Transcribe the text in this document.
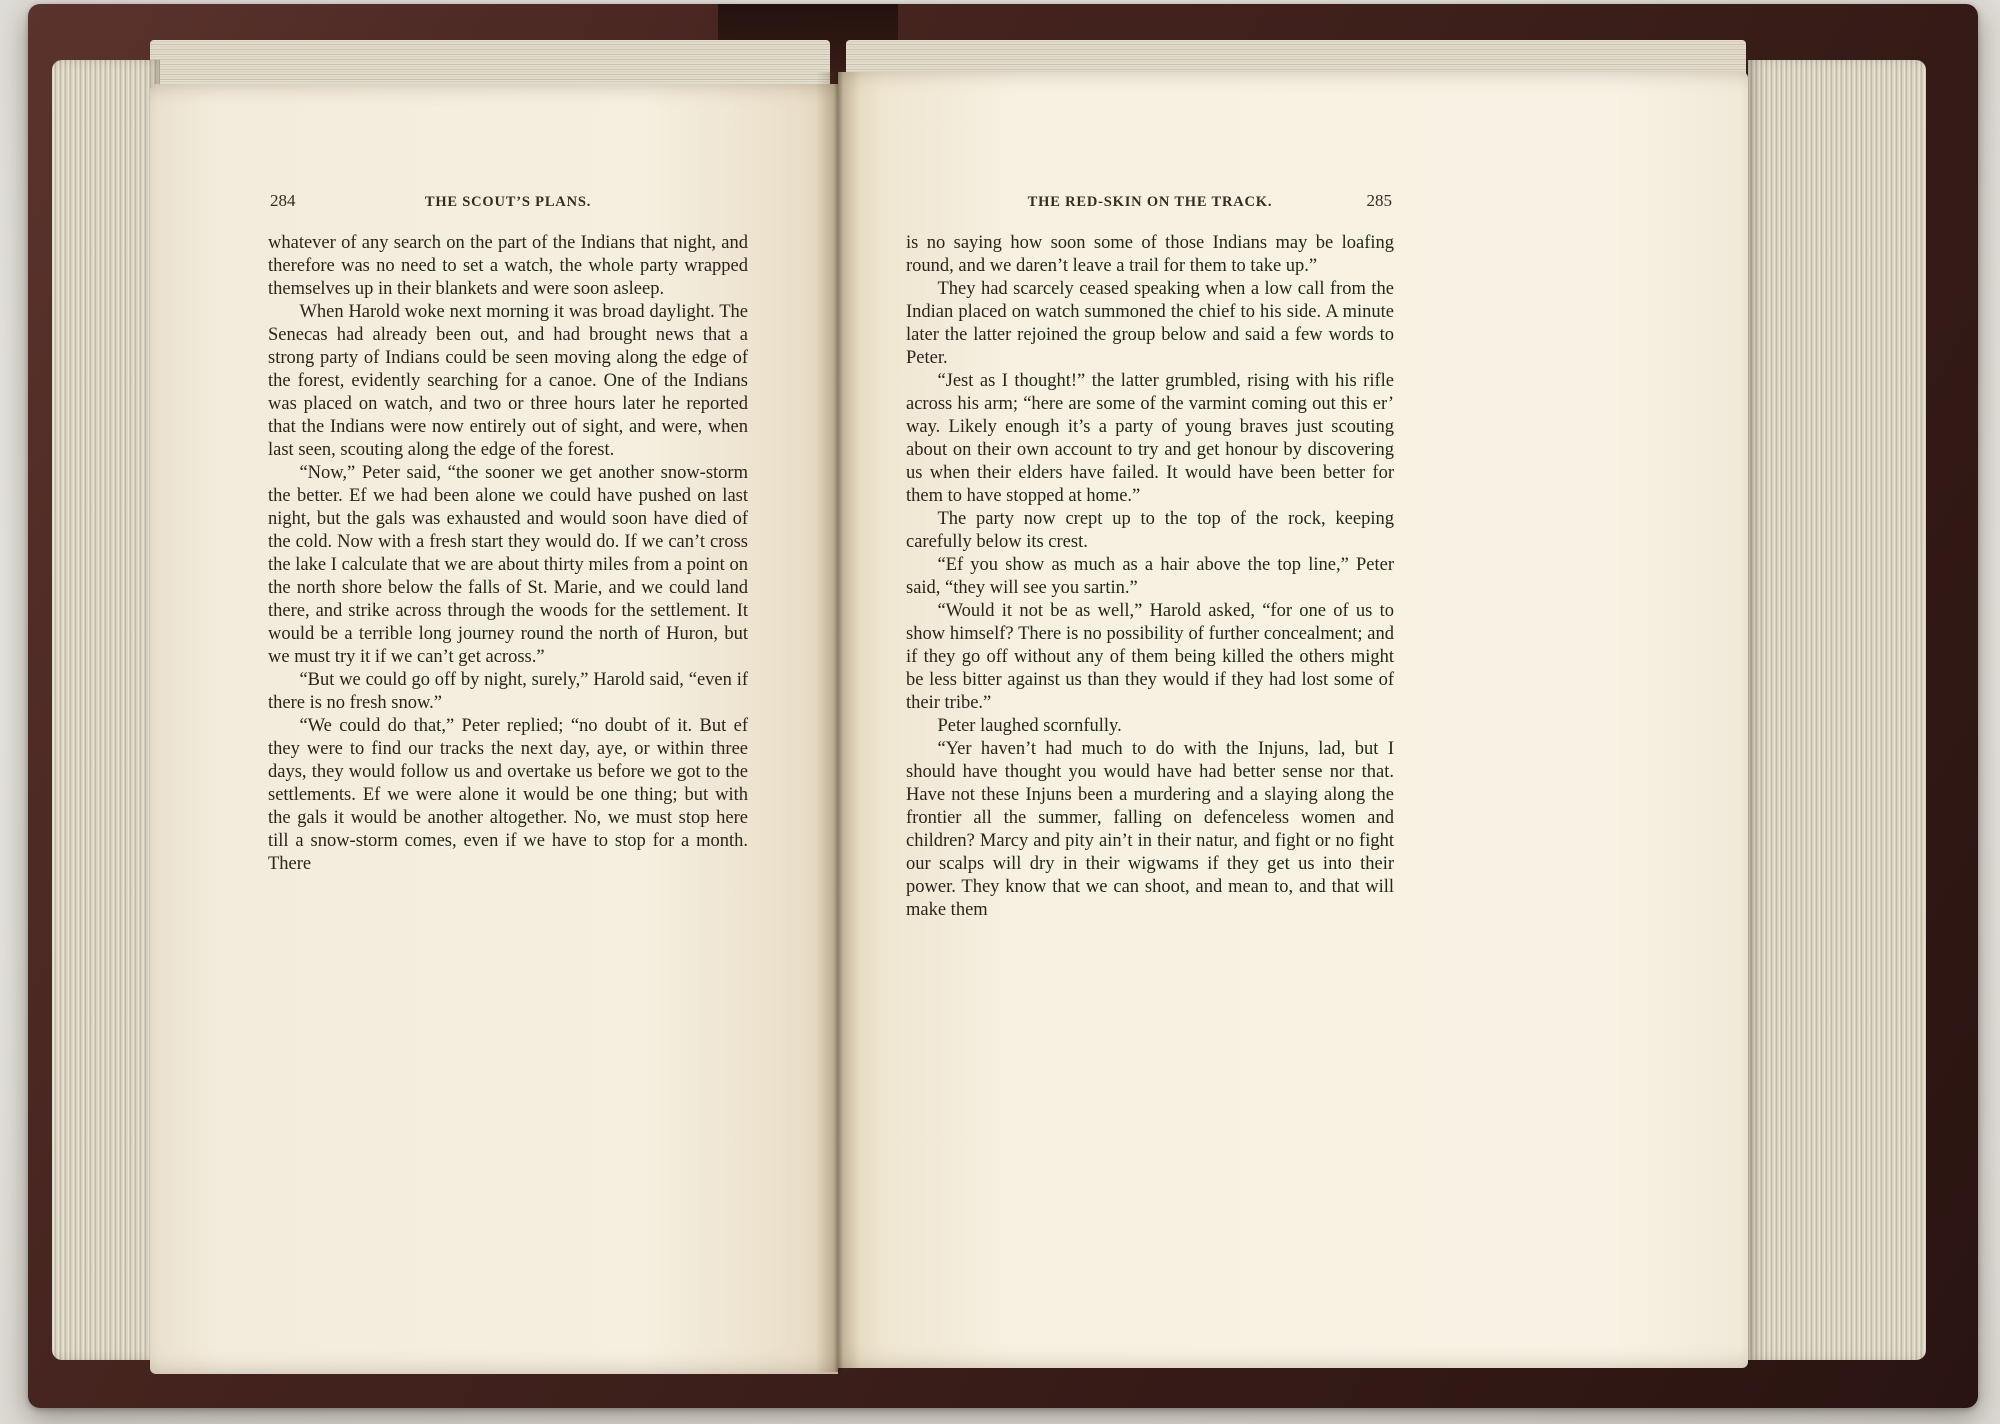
284	THE SCOUT’S PLANS.

whatever of any search on the part of the Indians that night, and therefore was no need to set a watch, the whole party wrapped themselves up in their blankets and were soon asleep.

When Harold woke next morning it was broad daylight. The Senecas had already been out, and had brought news that a strong party of Indians could be seen moving along the edge of the forest, evidently searching for a canoe. One of the Indians was placed on watch, and two or three hours later he reported that the Indians were now entirely out of sight, and were, when last seen, scouting along the edge of the forest.

“Now,” Peter said, “the sooner we get another snow-storm the better. Ef we had been alone we could have pushed on last night, but the gals was exhausted and would soon have died of the cold. Now with a fresh start they would do. If we can’t cross the lake I calculate that we are about thirty miles from a point on the north shore below the falls of St. Marie, and we could land there, and strike across through the woods for the settlement. It would be a terrible long journey round the north of Huron, but we must try it if we can’t get across.”

“But we could go off by night, surely,” Harold said, “even if there is no fresh snow.”

“We could do that,” Peter replied; “no doubt of it. But ef they were to find our tracks the next day, aye, or within three days, they would follow us and overtake us before we got to the settlements. Ef we were alone it would be one thing; but with the gals it would be another altogether. No, we must stop here till a snow-storm comes, even if we have to stop for a month. There

THE RED-SKIN ON THE TRACK.	285

is no saying how soon some of those Indians may be loafing round, and we daren’t leave a trail for them to take up.”

They had scarcely ceased speaking when a low call from the Indian placed on watch summoned the chief to his side. A minute later the latter rejoined the group below and said a few words to Peter.

“Jest as I thought!” the latter grumbled, rising with his rifle across his arm; “here are some of the varmint coming out this er’ way. Likely enough it’s a party of young braves just scouting about on their own account to try and get honour by discovering us when their elders have failed. It would have been better for them to have stopped at home.”

The party now crept up to the top of the rock, keeping carefully below its crest.

“Ef you show as much as a hair above the top line,” Peter said, “they will see you sartin.”

“Would it not be as well,” Harold asked, “for one of us to show himself? There is no possibility of further concealment; and if they go off without any of them being killed the others might be less bitter against us than they would if they had lost some of their tribe.”

Peter laughed scornfully.

“Yer haven’t had much to do with the Injuns, lad, but I should have thought you would have had better sense nor that. Have not these Injuns been a murdering and a slaying along the frontier all the summer, falling on defenceless women and children? Marcy and pity ain’t in their natur, and fight or no fight our scalps will dry in their wigwams if they get us into their power. They know that we can shoot, and mean to, and that will make them
